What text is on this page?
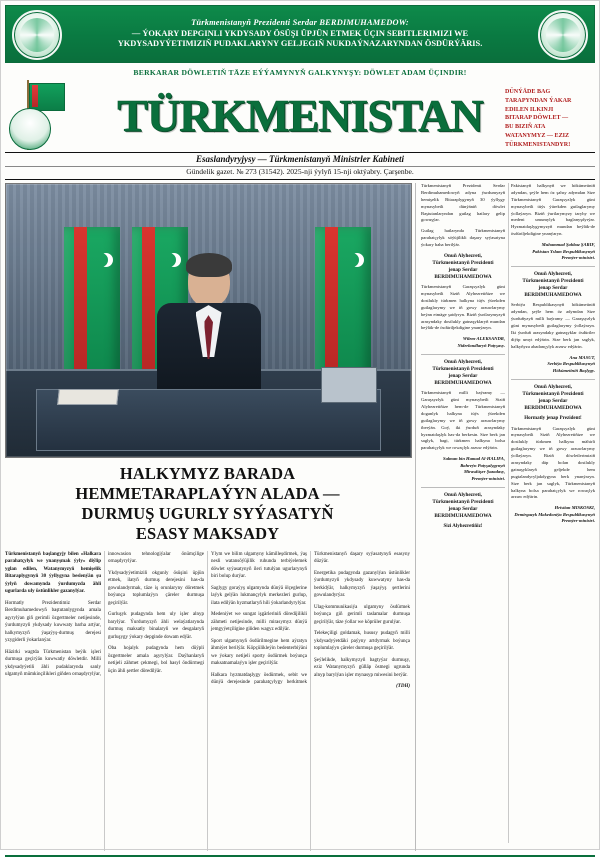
Türkmenistanyň Prezidenti Serdar BERDIMUHAMEDOW:
— ÝOKARY DEPGINLI YKDYSADY ÖSÜŞI ÜPJÜN ETMEK ÜÇIN SEBITLERIMIZI WE
YKDYSADYÝETIMIZIŇ PUDAKLARYNY GELJEGIŇ NUKDAÝNAZARYNDAN ÖSDÜRÝÄRIS.
BERKARAR DÖWLETIŇ TÄZE EÝÝAMYNYŇ GALKYNYŞY: DÖWLET ADAM ÜÇINDIR!
TÜRKMENISTAN	DÜNÝÄDE BAG
TARAPYNDAN ÝAKAR
EDILEN ILKINJI
BITARAP DÖWLET —
BU BIZIŇ ATA
WATANYMYZ — EZIZ
TÜRKMENISTANDYR!
Esaslandyryjysy — Türkmenistanyň Ministrler Kabineti
Gündelik gazet. № 273 (31542). 2025-nji ýylyň 15-nji oktýabry. Çarşenbe.
HALKYMYZ BARADA
HEMMETARAPLAÝYN ALADA —
DURMUŞ UGURLY SYÝASATYŇ
ESASY MAKSADY

Türkmenistanyň başlangyjy bilen «Halkara parahatçylyk we ynanyşmak ýyly» diýlip yglan edilen, Watanymyzyň hemişelik Bitaraplygynyň 30 ýyllygyna beslenýän şu ýylyň dowamynda ýurdumyzda ähli ugurlarda uly üstünlikler gazanylýar.

Hormatly Prezidentimiz Serdar Berdimuhamedowyň baştutanlygynda amala aşyrylýan giň gerimli özgertmeler netijesinde, ýurdumyzyň ykdysady kuwwaty barha artýar, halkymyzyň ýaşaýyş-durmuş derejesi yzygiderli ýokarlanýar.

Häzirki wagtda Türkmenistan beýik işleri durmuşa geçirýän kuwwatly döwletdir. Milli ykdysadyýetiň ähli pudaklarynda sanly ulgamyň mümkinçilikleri giňden ornaşdyrylýar, innowasion tehnologiýalar önümçilige ornaşdyrylýar.

Ykdysadyýetimiziň okgunly ösüşini üpjün etmek, ilatyň durmuş derejesini has-da gowulandyrmak, täze iş orunlaryny döretmek boýunça toplumlaýyn çäreler durmuşa geçirilýär.

Gurluşyk pudagynda hem uly işler alnyp barylýar. Ýurdumyzyň ähli welaýatlarynda durmuş maksatly binalaryň we desgalaryň gurluşygy ýokary depginde dowam edýär.

Oba hojalyk pudagynda hem düýpli özgertmeler amala aşyrylýar. Daýhanlaryň netijeli zähmet çekmegi, bol hasyl öndürmegi üçin ähli şertler döredilýär.

Ylym we bilim ulgamyny kämilleşdirmek, ýaş nesli watansöýüjilik ruhunda terbiýelemek döwlet syýasatynyň ileri tutulýan ugurlarynyň biri bolup durýar.

Saglygy goraýyş ulgamynda dünýä ölçeglerine laýyk gelýän lukmançylyk merkezleri gurlup, ilata edilýän hyzmatlaryň hili ýokarlandyrylýar.

Medeniýet we sungat işgärleriniň döredijilikli zähmeti netijesinde, milli mirasymyz dünýä jemgyýetçiligine giňden wagyz edilýär.

Sport ulgamynyň ösdürilmegine hem aýratyn ähmiýet berilýär. Köpçülikleýin bedenterbiýäni we ýokary netijeli sporty ösdürmek boýunça maksatnamalaýyn işler geçirilýär.

Halkara hyzmatdaşlygy ösdürmek, sebit we dünýä derejesinde parahatçylygy berkitmek Türkmenistanyň daşary syýasatynyň esasyny düzýär.

Energetika pudagynda gazanylýan üstünlikler ýurdumyzyň ykdysady kuwwatyny has-da berkidýär, halkymyzyň ýaşaýyş şertlerini gowulandyrýar.

Ulag-kommunikasiýa ulgamyny ösdürmek boýunça giň gerimli taslamalar durmuşa geçirilýär, täze ýollar we köprüler gurulýar.

Telekeçiligi goldamak, hususy pudagyň milli ykdysadyýetdäki paýyny artdyrmak boýunça toplumlaýyn çäreler durmuşa geçirilýär.

Şeýlelikde, halkymyzyň bagtyýar durmuşy, eziz Watanymyzyň gülläp ösmegi ugrunda alnyp barylýan işler mynasyp miwesini berýär.

(TDH)

Türkmenistanyň Prezidenti Serdar Berdimuhamedowyň adyna ýurdumyzyň hemişelik Bitaraplygynyň 30 ýyllygy mynasybetli dünýäniň döwlet Baştutanlaryndan gutlag hatlary gelip gowuşýar.

Gutlag hatlarynda Türkmenistanyň parahatçylyk söýüjilikli daşary syýasatyna ýokary baha berilýär.

Onuň Alyhezreti,
Türkmenistanyň Prezidenti
jenap Serdar BERDIMUHAMEDOWA

Türkmenistanyň Garaşsyzlyk güni mynasybetli Siziň Alyhezretiňize we dostlukly türkmen halkyna tüýs ýürekden gutlaglarymy we iň gowy arzuwlarymy beýan etmäge şatdyryn. Biziň ýurtlarymyzyň arasyndaky dostlukly gatnaşyklaryň mundan beýläk-de ösdüriljekdigine ynanýaryn.

Wilem-ALEKSANDR,
Niderlandlaryň Patyşasy.
Onuň Alyhezreti,
Türkmenistanyň Prezidenti
jenap Serdar BERDIMUHAMEDOWA

Türkmenistanyň milli baýramy — Garaşsyzlyk güni mynasybetli Siziň Alyhezretiňize hem-de Türkmenistanyň doganlyk halkyna tüýs ýürekden gutlaglarymy we iň gowy arzuwlarymy iberýän. Goý, iki ýurduň arasyndaky hyzmatdaşlyk has-da berkesin. Size berk jan saglyk, bagt, türkmen halkyna bolsa parahatçylyk we rowaçlyk arzuw edýärin.

Salman bin Hamad Al-HALIFA,
Bahreýn Patyşalygynyň
Mirasdüşer Şazadasy,
Premýer-ministri.
Onuň Alyhezreti,
Türkmenistanyň Prezidenti
jenap Serdar BERDIMUHAMEDOWA
Sizi Alyhezretiňiz!

Pakistanyň halkynyň we hökümetiniň adyndan, şeýle hem öz şahsy adymdan Size Türkmenistanyň Garaşsyzlyk güni mynasybetli tüýs ýürekden gutlaglarymy ýollaýaryn. Biziň ýurtlarymyzy taryhy we medeni umumylyk baglanyşdyrýar. Hyzmatdaşlygymyzyň mundan beýläk-de ösdüriljekdigine ynanýaryn.

Muhammad Şahbaz ŞARIF,
Pakistan Yslam Respublikasynyň
Premýer-ministri.
Onuň Alyhezreti,
Türkmenistanyň Prezidenti
jenap Serdar BERDIMUHAMEDOWA

Serbiýa Respublikasynyň hökümetiniň adyndan, şeýle hem öz adymdan Size ýurduňyzyň milli baýramy — Garaşsyzlyk güni mynasybetli gutlaglarymy ýollaýaryn. Iki ýurduň arasyndaky gatnaşyklar ösdüriler diýip umyt edýärin. Size berk jan saglyk, halkyňyza abadançylyk arzuw edýärin.

Ana MASUT,
Serbiýa Respublikasynyň
Hökümetiniň Başlygy.
Onuň Alyhezreti,
Türkmenistanyň Prezidenti
jenap Serdar BERDIMUHAMEDOWA
Hormatly jenap Prezident!

Türkmenistanyň Garaşsyzlyk güni mynasybetli Siziň Alyhezretiňize we dostlukly türkmen halkyna mähirli gutlaglarymy we iň gowy arzuwlarymy ýollaýaryn. Biziň döwletlerimiziň arasyndaky däp bolan dostlukly gatnaşyklaryň geljekde hem pugtalandyryljakdygyna berk ynanýaryn. Size berk jan saglyk, Türkmenistanyň halkyna bolsa parahatçylyk we rowaçlyk arzuw edýärin.

Hristian MISKOSKI,
Demirgazyk Makedoniýa Respublikasynyň
Premýer-ministri.
